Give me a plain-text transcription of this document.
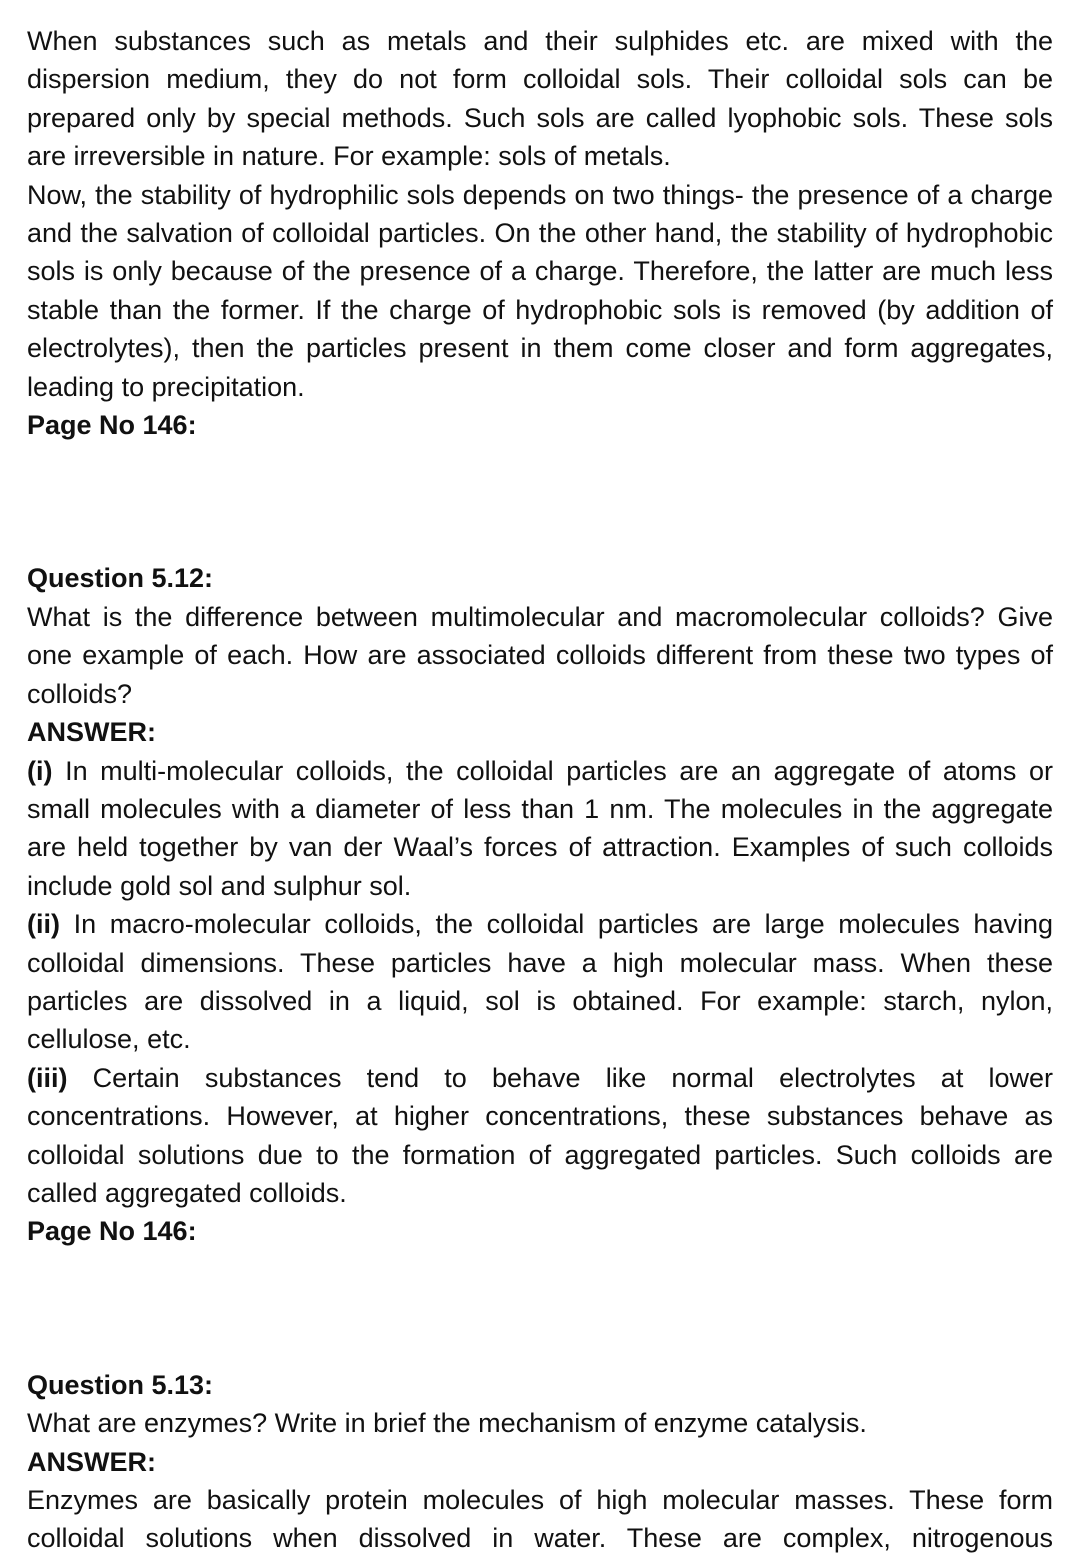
When substances such as metals and their sulphides etc. are mixed with the dispersion medium, they do not form colloidal sols. Their colloidal sols can be prepared only by special methods. Such sols are called lyophobic sols. These sols are irreversible in nature. For example: sols of metals.

Now, the stability of hydrophilic sols depends on two things- the presence of a charge and the salvation of colloidal particles. On the other hand, the stability of hydrophobic sols is only because of the presence of a charge. Therefore, the latter are much less stable than the former. If the charge of hydrophobic sols is removed (by addition of electrolytes), then the particles present in them come closer and form aggregates, leading to precipitation.

Page No 146:

Question 5.12:

What is the difference between multimolecular and macromolecular colloids? Give one example of each. How are associated colloids different from these two types of colloids?

ANSWER:

(i) In multi-molecular colloids, the colloidal particles are an aggregate of atoms or small molecules with a diameter of less than 1 nm. The molecules in the aggregate are held together by van der Waal’s forces of attraction. Examples of such colloids include gold sol and sulphur sol.

(ii) In macro-molecular colloids, the colloidal particles are large molecules having colloidal dimensions. These particles have a high molecular mass. When these particles are dissolved in a liquid, sol is obtained. For example: starch, nylon, cellulose, etc.

(iii) Certain substances tend to behave like normal electrolytes at lower concentrations. However, at higher concentrations, these substances behave as colloidal solutions due to the formation of aggregated particles. Such colloids are called aggregated colloids.

Page No 146:

Question 5.13:

What are enzymes? Write in brief the mechanism of enzyme catalysis.

ANSWER:

Enzymes are basically protein molecules of high molecular masses. These form colloidal solutions when dissolved in water. These are complex, nitrogenous
